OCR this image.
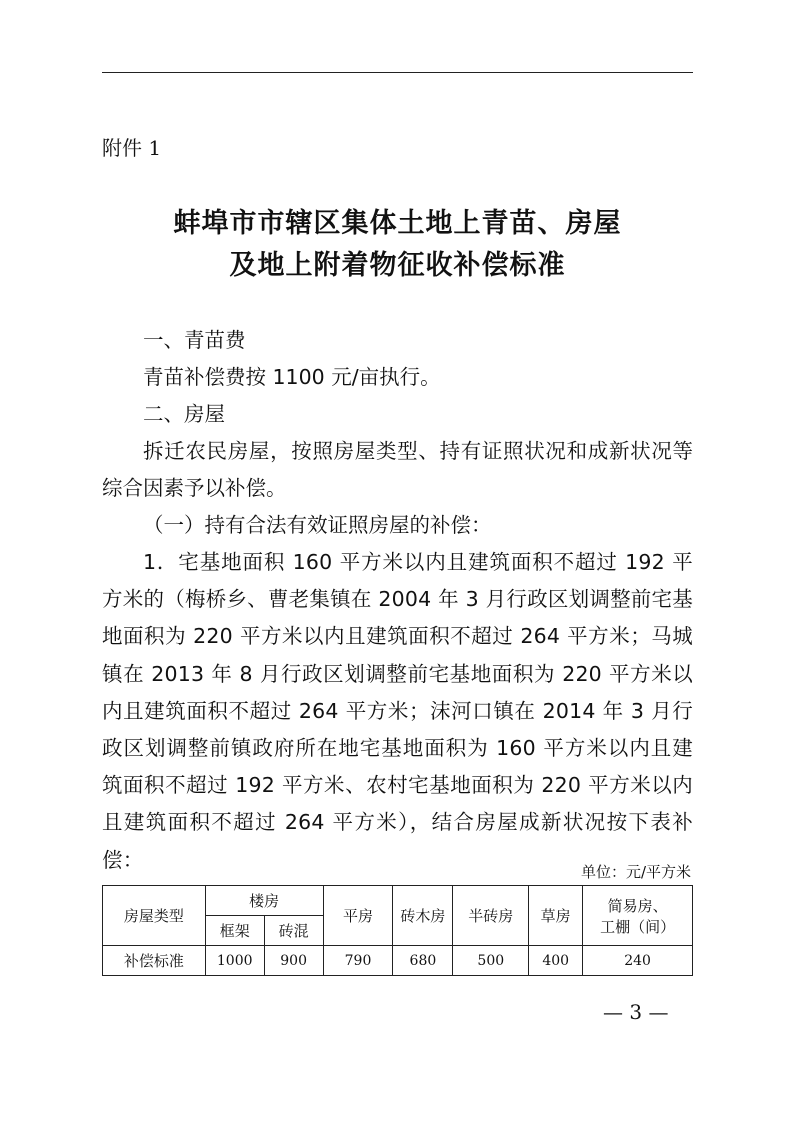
附件 1
蚌埠市市辖区集体土地上青苗、房屋
及地上附着物征收补偿标准

一、青苗费

青苗补偿费按 1100 元/亩执行。

二、房屋

拆迁农民房屋，按照房屋类型、持有证照状况和成新状况等综合因素予以补偿。

（一）持有合法有效证照房屋的补偿：

1．宅基地面积 160 平方米以内且建筑面积不超过 192 平方米的（梅桥乡、曹老集镇在 2004 年 3 月行政区划调整前宅基地面积为 220 平方米以内且建筑面积不超过 264 平方米；马城镇在 2013 年 8 月行政区划调整前宅基地面积为 220 平方米以内且建筑面积不超过 264 平方米；沫河口镇在 2014 年 3 月行政区划调整前镇政府所在地宅基地面积为 160 平方米以内且建筑面积不超过 192 平方米、农村宅基地面积为 220 平方米以内且建筑面积不超过 264 平方米），结合房屋成新状况按下表补偿：

单位：元/平方米
房屋类型	楼房		平房	砖木房	半砖房	草房	简易房、
工棚（间）

	框架	砖混					
补偿标准	1000	900	790	680	500	400	240
— 3 —
